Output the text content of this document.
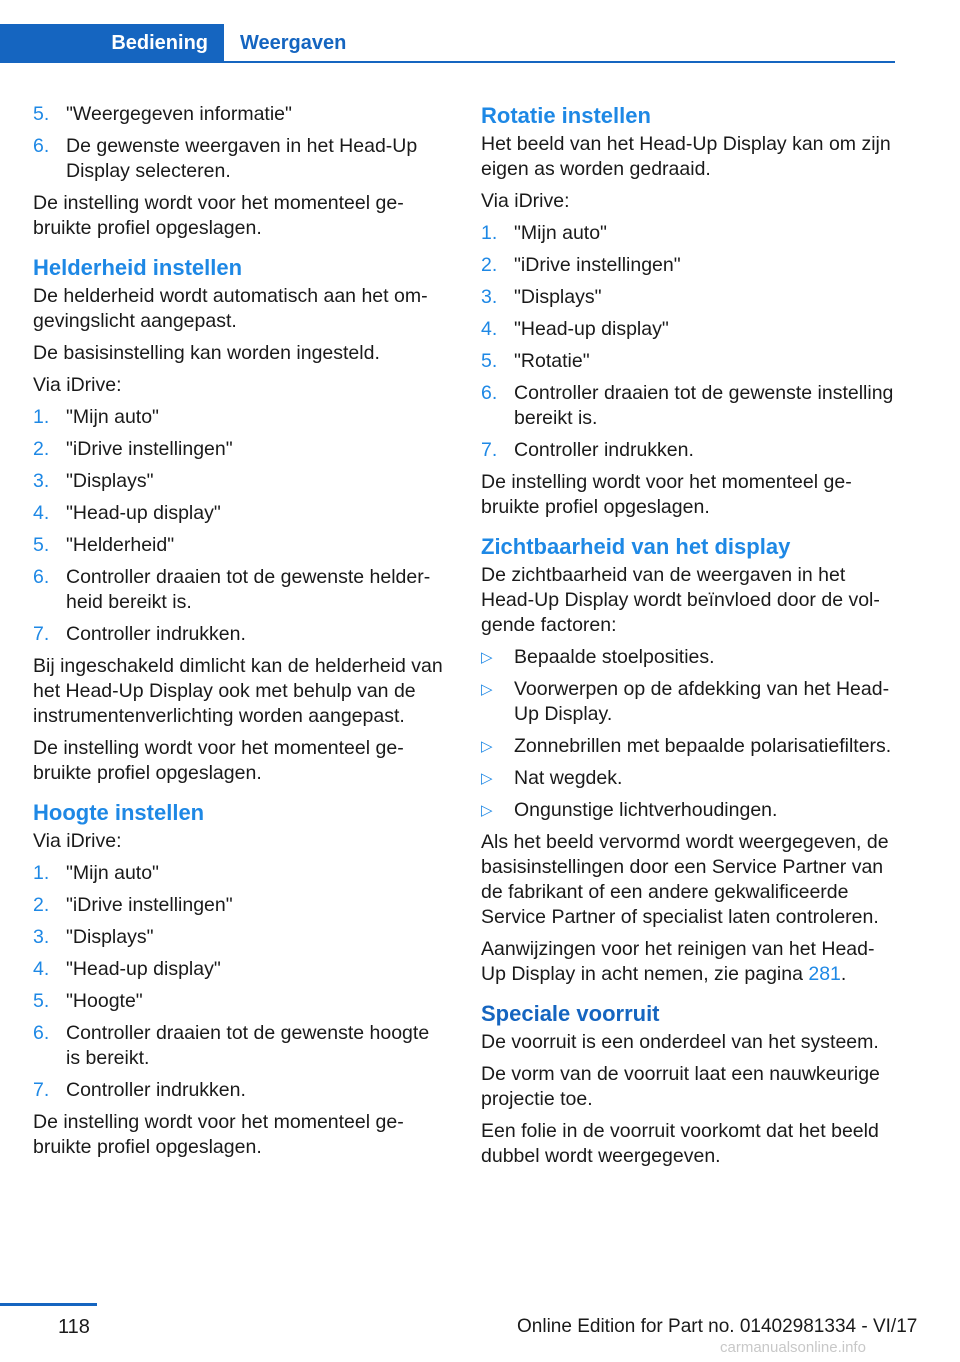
Bediening Weergaven
5. "Weergegeven informatie"
6. De gewenste weergaven in het Head-Up Display selecteren.

De instelling wordt voor het momenteel gebruikte profiel opgeslagen.

Helderheid instellen

De helderheid wordt automatisch aan het omgevingslicht aangepast.

De basisinstelling kan worden ingesteld.

Via iDrive:

1. "Mijn auto"
2. "iDrive instellingen"
3. "Displays"
4. "Head-up display"
5. "Helderheid"
6. Controller draaien tot de gewenste helderheid bereikt is.
7. Controller indrukken.

Bij ingeschakeld dimlicht kan de helderheid van het Head-Up Display ook met behulp van de instrumentenverlichting worden aangepast.

De instelling wordt voor het momenteel gebruikte profiel opgeslagen.

Hoogte instellen

Via iDrive:

1. "Mijn auto"
2. "iDrive instellingen"
3. "Displays"
4. "Head-up display"
5. "Hoogte"
6. Controller draaien tot de gewenste hoogte is bereikt.
7. Controller indrukken.

De instelling wordt voor het momenteel gebruikte profiel opgeslagen.

Rotatie instellen

Het beeld van het Head-Up Display kan om zijn eigen as worden gedraaid.

Via iDrive:

1. "Mijn auto"
2. "iDrive instellingen"
3. "Displays"
4. "Head-up display"
5. "Rotatie"
6. Controller draaien tot de gewenste instelling bereikt is.
7. Controller indrukken.

De instelling wordt voor het momenteel gebruikte profiel opgeslagen.

Zichtbaarheid van het display

De zichtbaarheid van de weergaven in het Head-Up Display wordt beïnvloed door de volgende factoren:

▷ Bepaalde stoelposities.
▷ Voorwerpen op de afdekking van het Head-Up Display.
▷ Zonnebrillen met bepaalde polarisatiefilters.
▷ Nat wegdek.
▷ Ongunstige lichtverhoudingen.

Als het beeld vervormd wordt weergegeven, de basisinstellingen door een Service Partner van de fabrikant of een andere gekwalificeerde Service Partner of specialist laten controleren.

Aanwijzingen voor het reinigen van het Head-Up Display in acht nemen, zie pagina 281.

Speciale voorruit

De voorruit is een onderdeel van het systeem.

De vorm van de voorruit laat een nauwkeurige projectie toe.

Een folie in de voorruit voorkomt dat het beeld dubbel wordt weergegeven.

118	Online Edition for Part no. 01402981334 - VI/17
carmanualsonline.info
